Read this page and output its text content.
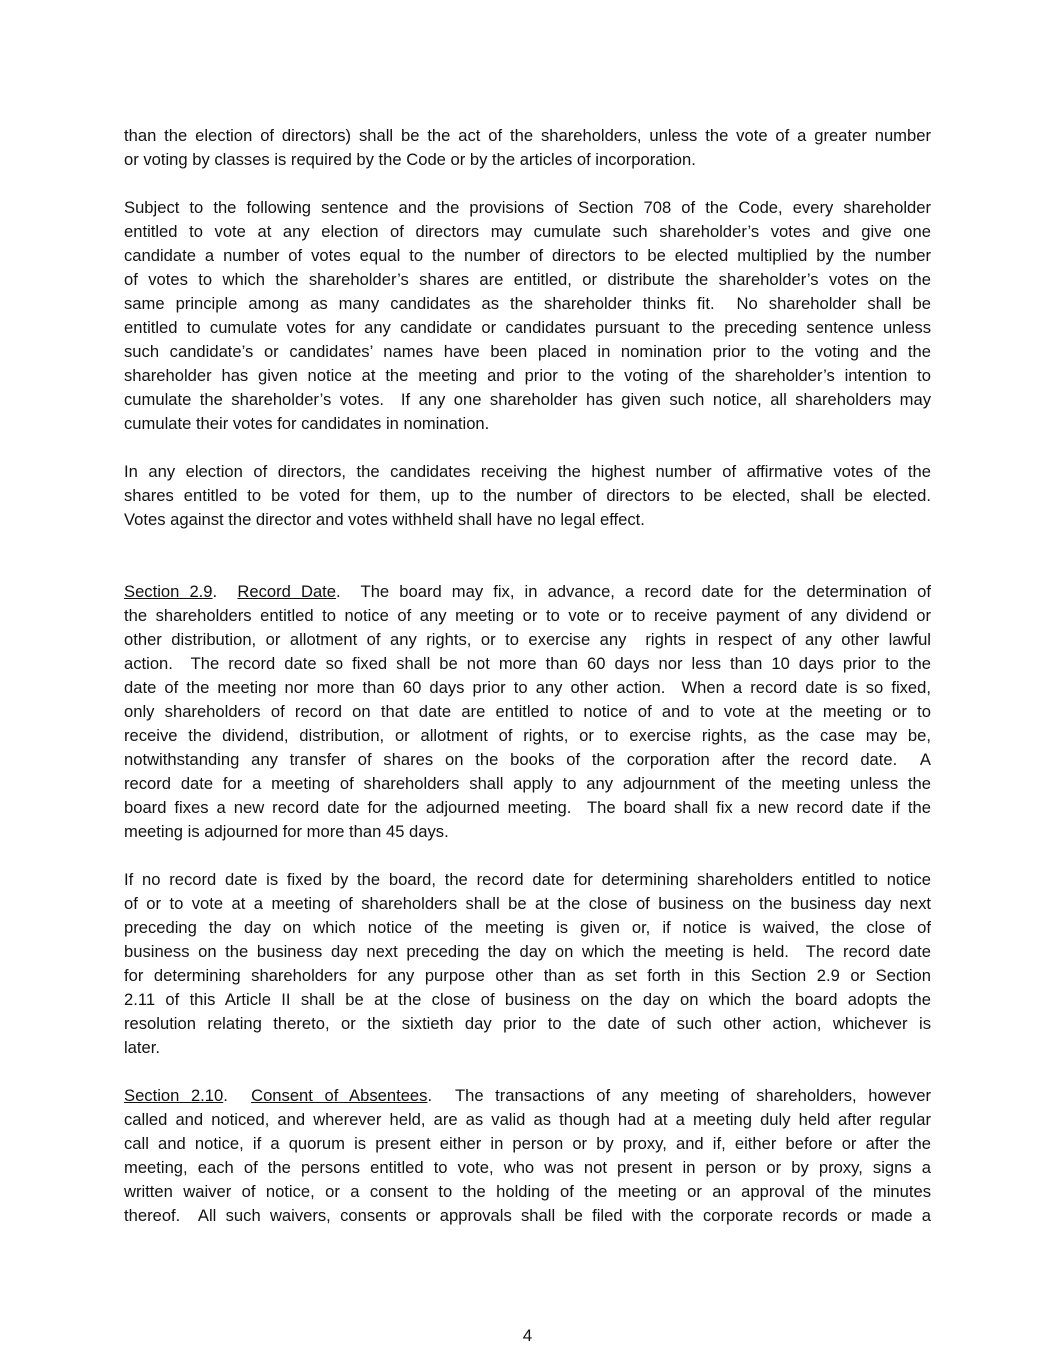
than the election of directors) shall be the act of the shareholders, unless the vote of a greater number
or voting by classes is required by the Code or by the articles of incorporation.
Subject to the following sentence and the provisions of Section 708 of the Code, every shareholder
entitled to vote at any election of directors may cumulate such shareholder’s votes and give one
candidate a number of votes equal to the number of directors to be elected multiplied by the number
of votes to which the shareholder’s shares are entitled, or distribute the shareholder’s votes on the
same principle among as many candidates as the shareholder thinks fit.  No shareholder shall be
entitled to cumulate votes for any candidate or candidates pursuant to the preceding sentence unless
such candidate’s or candidates’ names have been placed in nomination prior to the voting and the
shareholder has given notice at the meeting and prior to the voting of the shareholder’s intention to
cumulate the shareholder’s votes.  If any one shareholder has given such notice, all shareholders may
cumulate their votes for candidates in nomination.
In any election of directors, the candidates receiving the highest number of affirmative votes of the
shares entitled to be voted for them, up to the number of directors to be elected, shall be elected.
Votes against the director and votes withheld shall have no legal effect.
Section 2.9. Record Date.  The board may fix, in advance, a record date for the determination of
the shareholders entitled to notice of any meeting or to vote or to receive payment of any dividend or
other distribution, or allotment of any rights, or to exercise any  rights in respect of any other lawful
action.  The record date so fixed shall be not more than 60 days nor less than 10 days prior to the
date of the meeting nor more than 60 days prior to any other action.  When a record date is so fixed,
only shareholders of record on that date are entitled to notice of and to vote at the meeting or to
receive the dividend, distribution, or allotment of rights, or to exercise rights, as the case may be,
notwithstanding any transfer of shares on the books of the corporation after the record date.  A
record date for a meeting of shareholders shall apply to any adjournment of the meeting unless the
board fixes a new record date for the adjourned meeting.  The board shall fix a new record date if the
meeting is adjourned for more than 45 days.
If no record date is fixed by the board, the record date for determining shareholders entitled to notice
of or to vote at a meeting of shareholders shall be at the close of business on the business day next
preceding the day on which notice of the meeting is given or, if notice is waived, the close of
business on the business day next preceding the day on which the meeting is held.  The record date
for determining shareholders for any purpose other than as set forth in this Section 2.9 or Section
2.11 of this Article II shall be at the close of business on the day on which the board adopts the
resolution relating thereto, or the sixtieth day prior to the date of such other action, whichever is
later.
Section 2.10. Consent of Absentees.  The transactions of any meeting of shareholders, however
called and noticed, and wherever held, are as valid as though had at a meeting duly held after regular
call and notice, if a quorum is present either in person or by proxy, and if, either before or after the
meeting, each of the persons entitled to vote, who was not present in person or by proxy, signs a
written waiver of notice, or a consent to the holding of the meeting or an approval of the minutes
thereof.  All such waivers, consents or approvals shall be filed with the corporate records or made a
4
